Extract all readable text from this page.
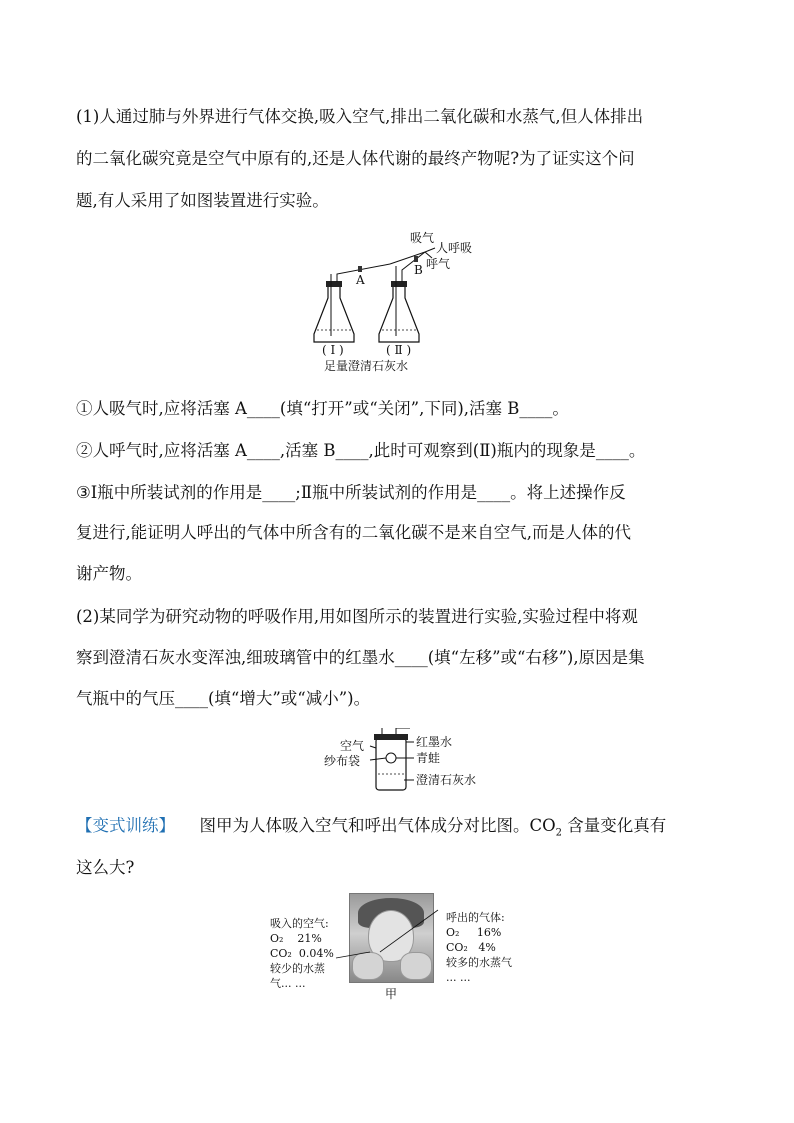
(1)人通过肺与外界进行气体交换,吸入空气,排出二氧化碳和水蒸气,但人体排出
的二氧化碳究竟是空气中原有的,还是人体代谢的最终产物呢?为了证实这个问
题,有人采用了如图装置进行实验。
吸气
人呼吸
呼气
A
B
( Ⅰ )	( Ⅱ )
足量澄清石灰水
①人吸气时,应将活塞 A____(填“打开”或“关闭”,下同),活塞 B____。
②人呼气时,应将活塞 A____,活塞 B____,此时可观察到(Ⅱ)瓶内的现象是____。
③Ⅰ瓶中所装试剂的作用是____;Ⅱ瓶中所装试剂的作用是____。将上述操作反
复进行,能证明人呼出的气体中所含有的二氧化碳不是来自空气,而是人体的代
谢产物。
(2)某同学为研究动物的呼吸作用,用如图所示的装置进行实验,实验过程中将观
察到澄清石灰水变浑浊,细玻璃管中的红墨水____(填“左移”或“右移”),原因是集
气瓶中的气压____(填“增大”或“减小”)。
空气
纱布袋
红墨水
青蛙
澄清石灰水
【变式训练】 图甲为人体吸入空气和呼出气体成分对比图。$CO_2$ 含量变化真有
这么大?
吸入的空气:
O₂    21%
CO₂  0.04%
较少的水蒸
气... ...
呼出的气体:
O₂     16%
CO₂   4%
较多的水蒸气
... ...
甲
